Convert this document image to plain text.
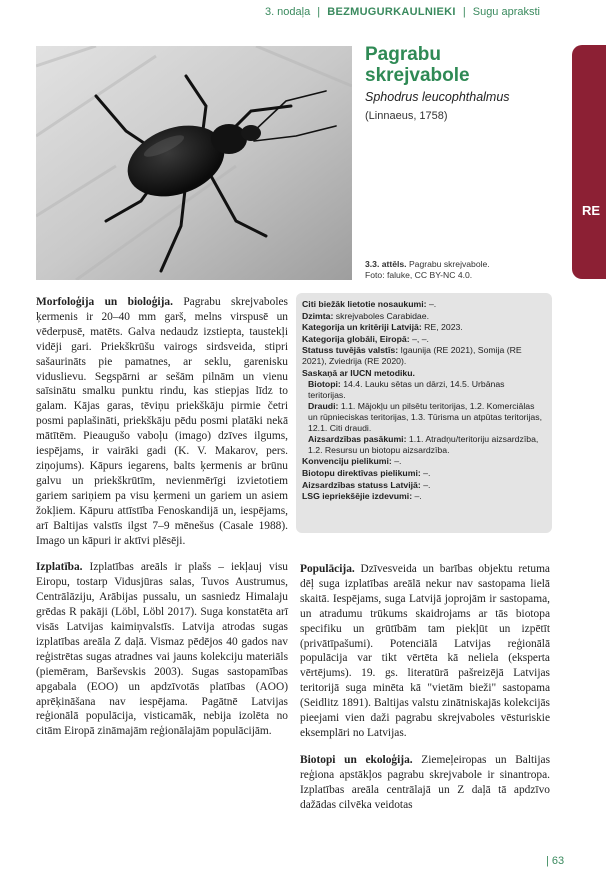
3. nodaļa | BEZMUGURKAULNIEKI | Sugu apraksti
RE
Pagrabu
skrejvabole
Sphodrus leucophthalmus
(Linnaeus, 1758)
3.3. attēls. Pagrabu skrejvabole.
Foto: faluke, CC BY-NC 4.0.

Morfoloģija un bioloģija. Pagrabu skrejvaboles ķermenis ir 20–40 mm garš, melns virspusē un vēderpusē, matēts. Galva nedaudz izstiepta, taustekļi vidēji gari. Priekškrūšu vairogs sirdsveida, stipri sašaurināts pie pamatnes, ar seklu, garenisku viduslievu. Segspārni ar sešām pilnām un vienu saīsinātu smalku punktu rindu, kas stiepjas līdz to galam. Kājas garas, tēviņu priekškāju pirmie četri posmi paplašināti, priekškāju pēdu posmi platāki nekā mātītēm. Pieaugušo vaboļu (imago) dzīves ilgums, iespējams, ir vairāki gadi (K. V. Makarov, pers. ziņojums). Kāpurs iegarens, balts ķermenis ar brūnu galvu un priekškrūtīm, nevienmērīgi izvietotiem gariem sariņiem pa visu ķermeni un gariem un asiem žokļiem. Kāpuru attīstība Fenoskandijā un, iespējams, arī Baltijas valstīs ilgst 7–9 mēnešus (Casale 1988). Imago un kāpuri ir aktīvi plēsēji.

Izplatība. Izplatības areāls ir plašs – iekļauj visu Eiropu, tostarp Vidusjūras salas, Tuvos Austrumus, Centrālāziju, Arābijas pussalu, un sasniedz Himalaju grēdas R pakāji (Löbl, Löbl 2017). Suga konstatēta arī visās Latvijas kaimiņvalstīs. Latvija atrodas sugas izplatības areāla Z daļā. Vismaz pēdējos 40 gados nav reģistrētas sugas atradnes vai jauns kolekciju materiāls (piemēram, Barševskis 2003). Sugas sastopamības apgabala (EOO) un apdzīvotās platības (AOO) aprēķināšana nav iespējama. Pagātnē Latvijas reģionālā populācija, visticamāk, nebija izolēta no citām Eiropā zināmajām reģionālajām populācijām.

Citi biežāk lietotie nosaukumi: –.
Dzimta: skrejvaboles Carabidae.
Kategorija un kritēriji Latvijā: RE, 2023.
Kategorija globāli, Eiropā: –, –.
Statuss tuvējās valstīs: Igaunija (RE 2021), Somija (RE 2021), Zviedrija (RE 2020).
Saskaņā ar IUCN metodiku.
Biotopi: 14.4. Lauku sētas un dārzi, 14.5. Urbānas teritorijas.
Draudi: 1.1. Mājokļu un pilsētu teritorijas, 1.2. Komerciālas un rūpnieciskas teritorijas, 1.3. Tūrisma un atpūtas teritorijas, 12.1. Citi draudi.
Aizsardzības pasākumi: 1.1. Atradņu/teritoriju aizsardzība, 1.2. Resursu un biotopu aizsardzība.
Konvenciju pielikumi: –.
Biotopu direktīvas pielikumi: –.
Aizsardzības statuss Latvijā: –.
LSG iepriekšējie izdevumi: –.

Populācija. Dzīvesveida un barības objektu retuma dēļ suga izplatības areālā nekur nav sastopama lielā skaitā. Iespējams, suga Latvijā joprojām ir sastopama, un atradumu trūkums skaidrojams ar tās biotopa specifiku un grūtībām tam piekļūt un izpētīt (privātīpašumi). Potenciālā Latvijas reģionālā populācija var tikt vērtēta kā neliela (eksperta vērtējums). 19. gs. literatūrā pašreizējā Latvijas teritorijā suga minēta kā "vietām bieži" sastopama (Seidlitz 1891). Baltijas valstu zinātniskajās kolekcijās pieejami vien daži pagrabu skrejvaboles vēsturiskie eksemplāri no Latvijas.

Biotopi un ekoloģija. Ziemeļeiropas un Baltijas reģiona apstākļos pagrabu skrejvabole ir sinantropa. Izplatības areāla centrālajā un Z daļā tā apdzīvo dažādas cilvēka veidotas

| 63
